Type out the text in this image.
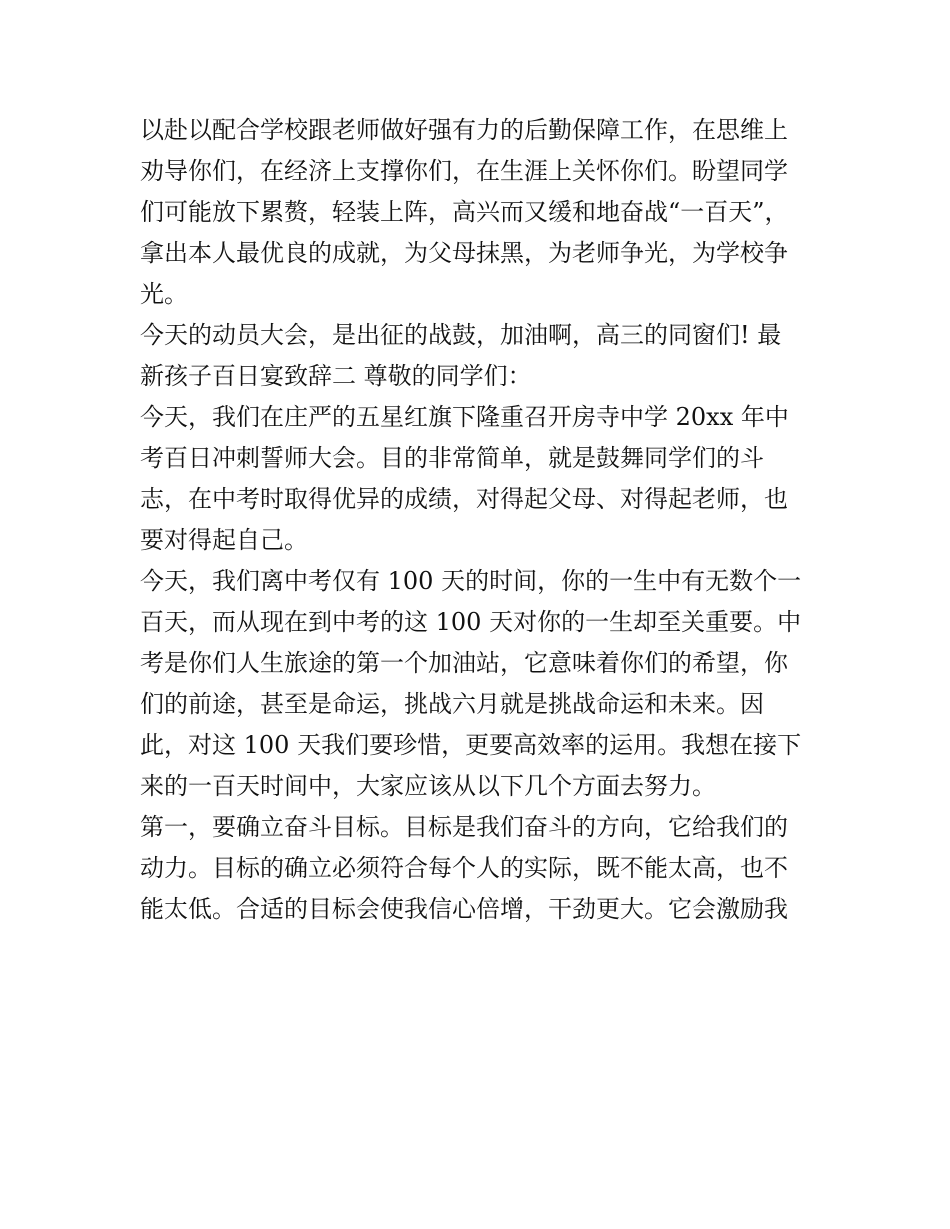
以赴以配合学校跟老师做好强有力的后勤保障工作，在思维上

劝导你们，在经济上支撑你们，在生涯上关怀你们。盼望同学

们可能放下累赘，轻装上阵，高兴而又缓和地奋战“一百天”，

拿出本人最优良的成就，为父母抹黑，为老师争光，为学校争

光。

今天的动员大会，是出征的战鼓，加油啊，高三的同窗们! 最

新孩子百日宴致辞二 尊敬的同学们：

今天，我们在庄严的五星红旗下隆重召开房寺中学 20xx 年中

考百日冲刺誓师大会。目的非常简单，就是鼓舞同学们的斗

志，在中考时取得优异的成绩，对得起父母、对得起老师，也

要对得起自己。

今天，我们离中考仅有 100 天的时间，你的一生中有无数个一

百天，而从现在到中考的这 100 天对你的一生却至关重要。中

考是你们人生旅途的第一个加油站，它意味着你们的希望，你

们的前途，甚至是命运，挑战六月就是挑战命运和未来。因

此，对这 100 天我们要珍惜，更要高效率的运用。我想在接下

来的一百天时间中，大家应该从以下几个方面去努力。

第一，要确立奋斗目标。目标是我们奋斗的方向，它给我们的

动力。目标的确立必须符合每个人的实际，既不能太高，也不

能太低。合适的目标会使我信心倍增，干劲更大。它会激励我
